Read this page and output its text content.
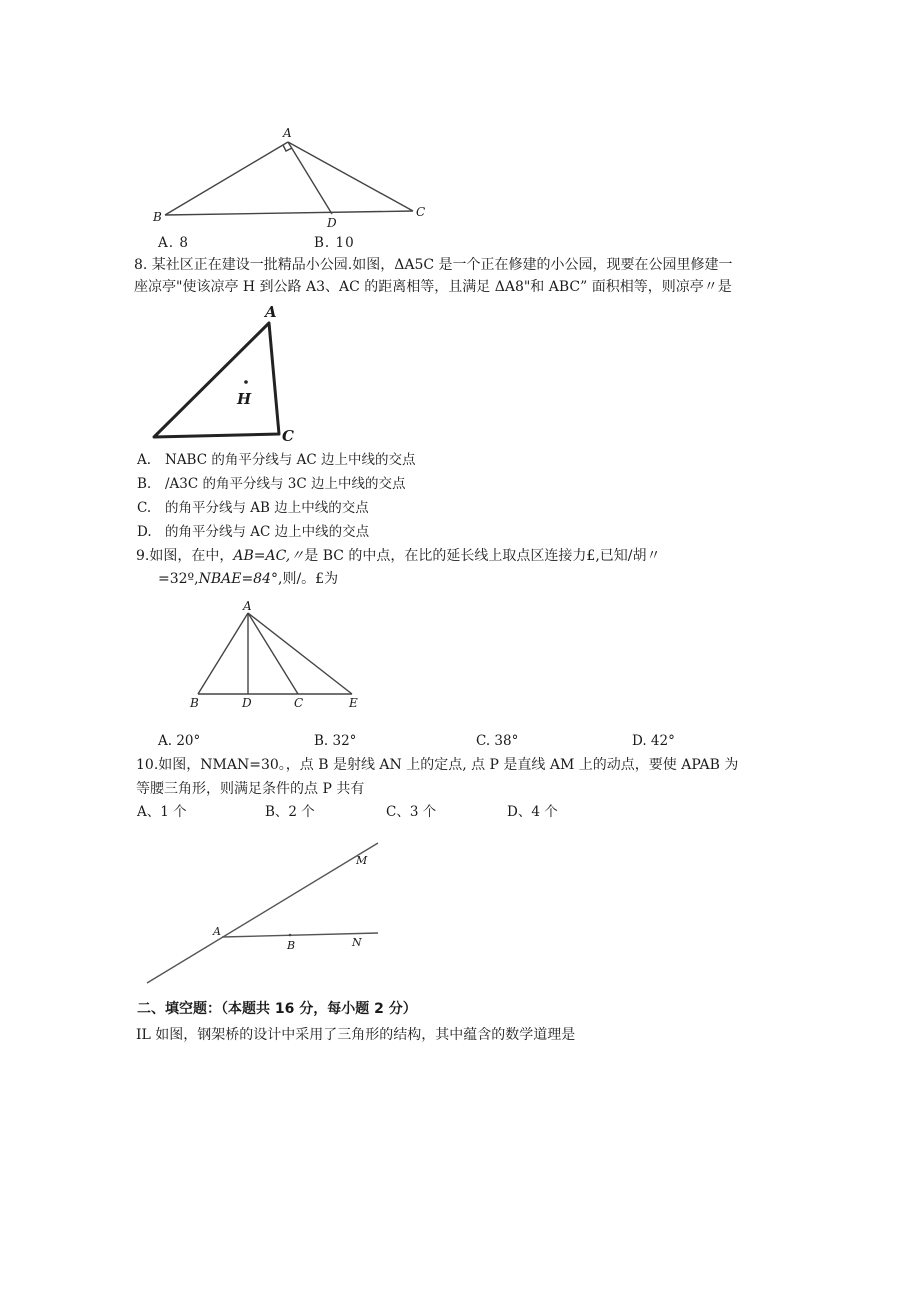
A
B	C
D
A. 8	B. 10
8. 某社区正在建设一批精品小公园.如图，ΔA5C 是一个正在修建的小公园，现要在公园里修建一
座凉亭"使该凉亭 H 到公路 A3、AC 的距离相等，且满足 ΔA8"和 ABC” 面积相等，则凉亭〃是
A
H
C
A. NABC 的角平分线与 AC 边上中线的交点
B. /A3C 的角平分线与 3C 边上中线的交点
C. 的角平分线与 AB 边上中线的交点
D. 的角平分线与 AC 边上中线的交点
9.如图，在中，AB=AC,〃是 BC 的中点，在比的延长线上取点区连接力£,已知/胡〃
=32º,NBAE=84°,则/。£为
A
B	D	C	E
A. 20°	B. 32°	C. 38°	D. 42°
10.如图，NMAN=30。，点 B 是射线 AN 上的定点, 点 P 是直线 AM 上的动点，要使 APAB 为
等腰三角形，则满足条件的点 P 共有
A、1 个	B、2 个	C、3 个	D、4 个
A
B	N
M
二、填空题：（本题共 16 分，每小题 2 分）
IL 如图，钢架桥的设计中采用了三角形的结构，其中蕴含的数学道理是
